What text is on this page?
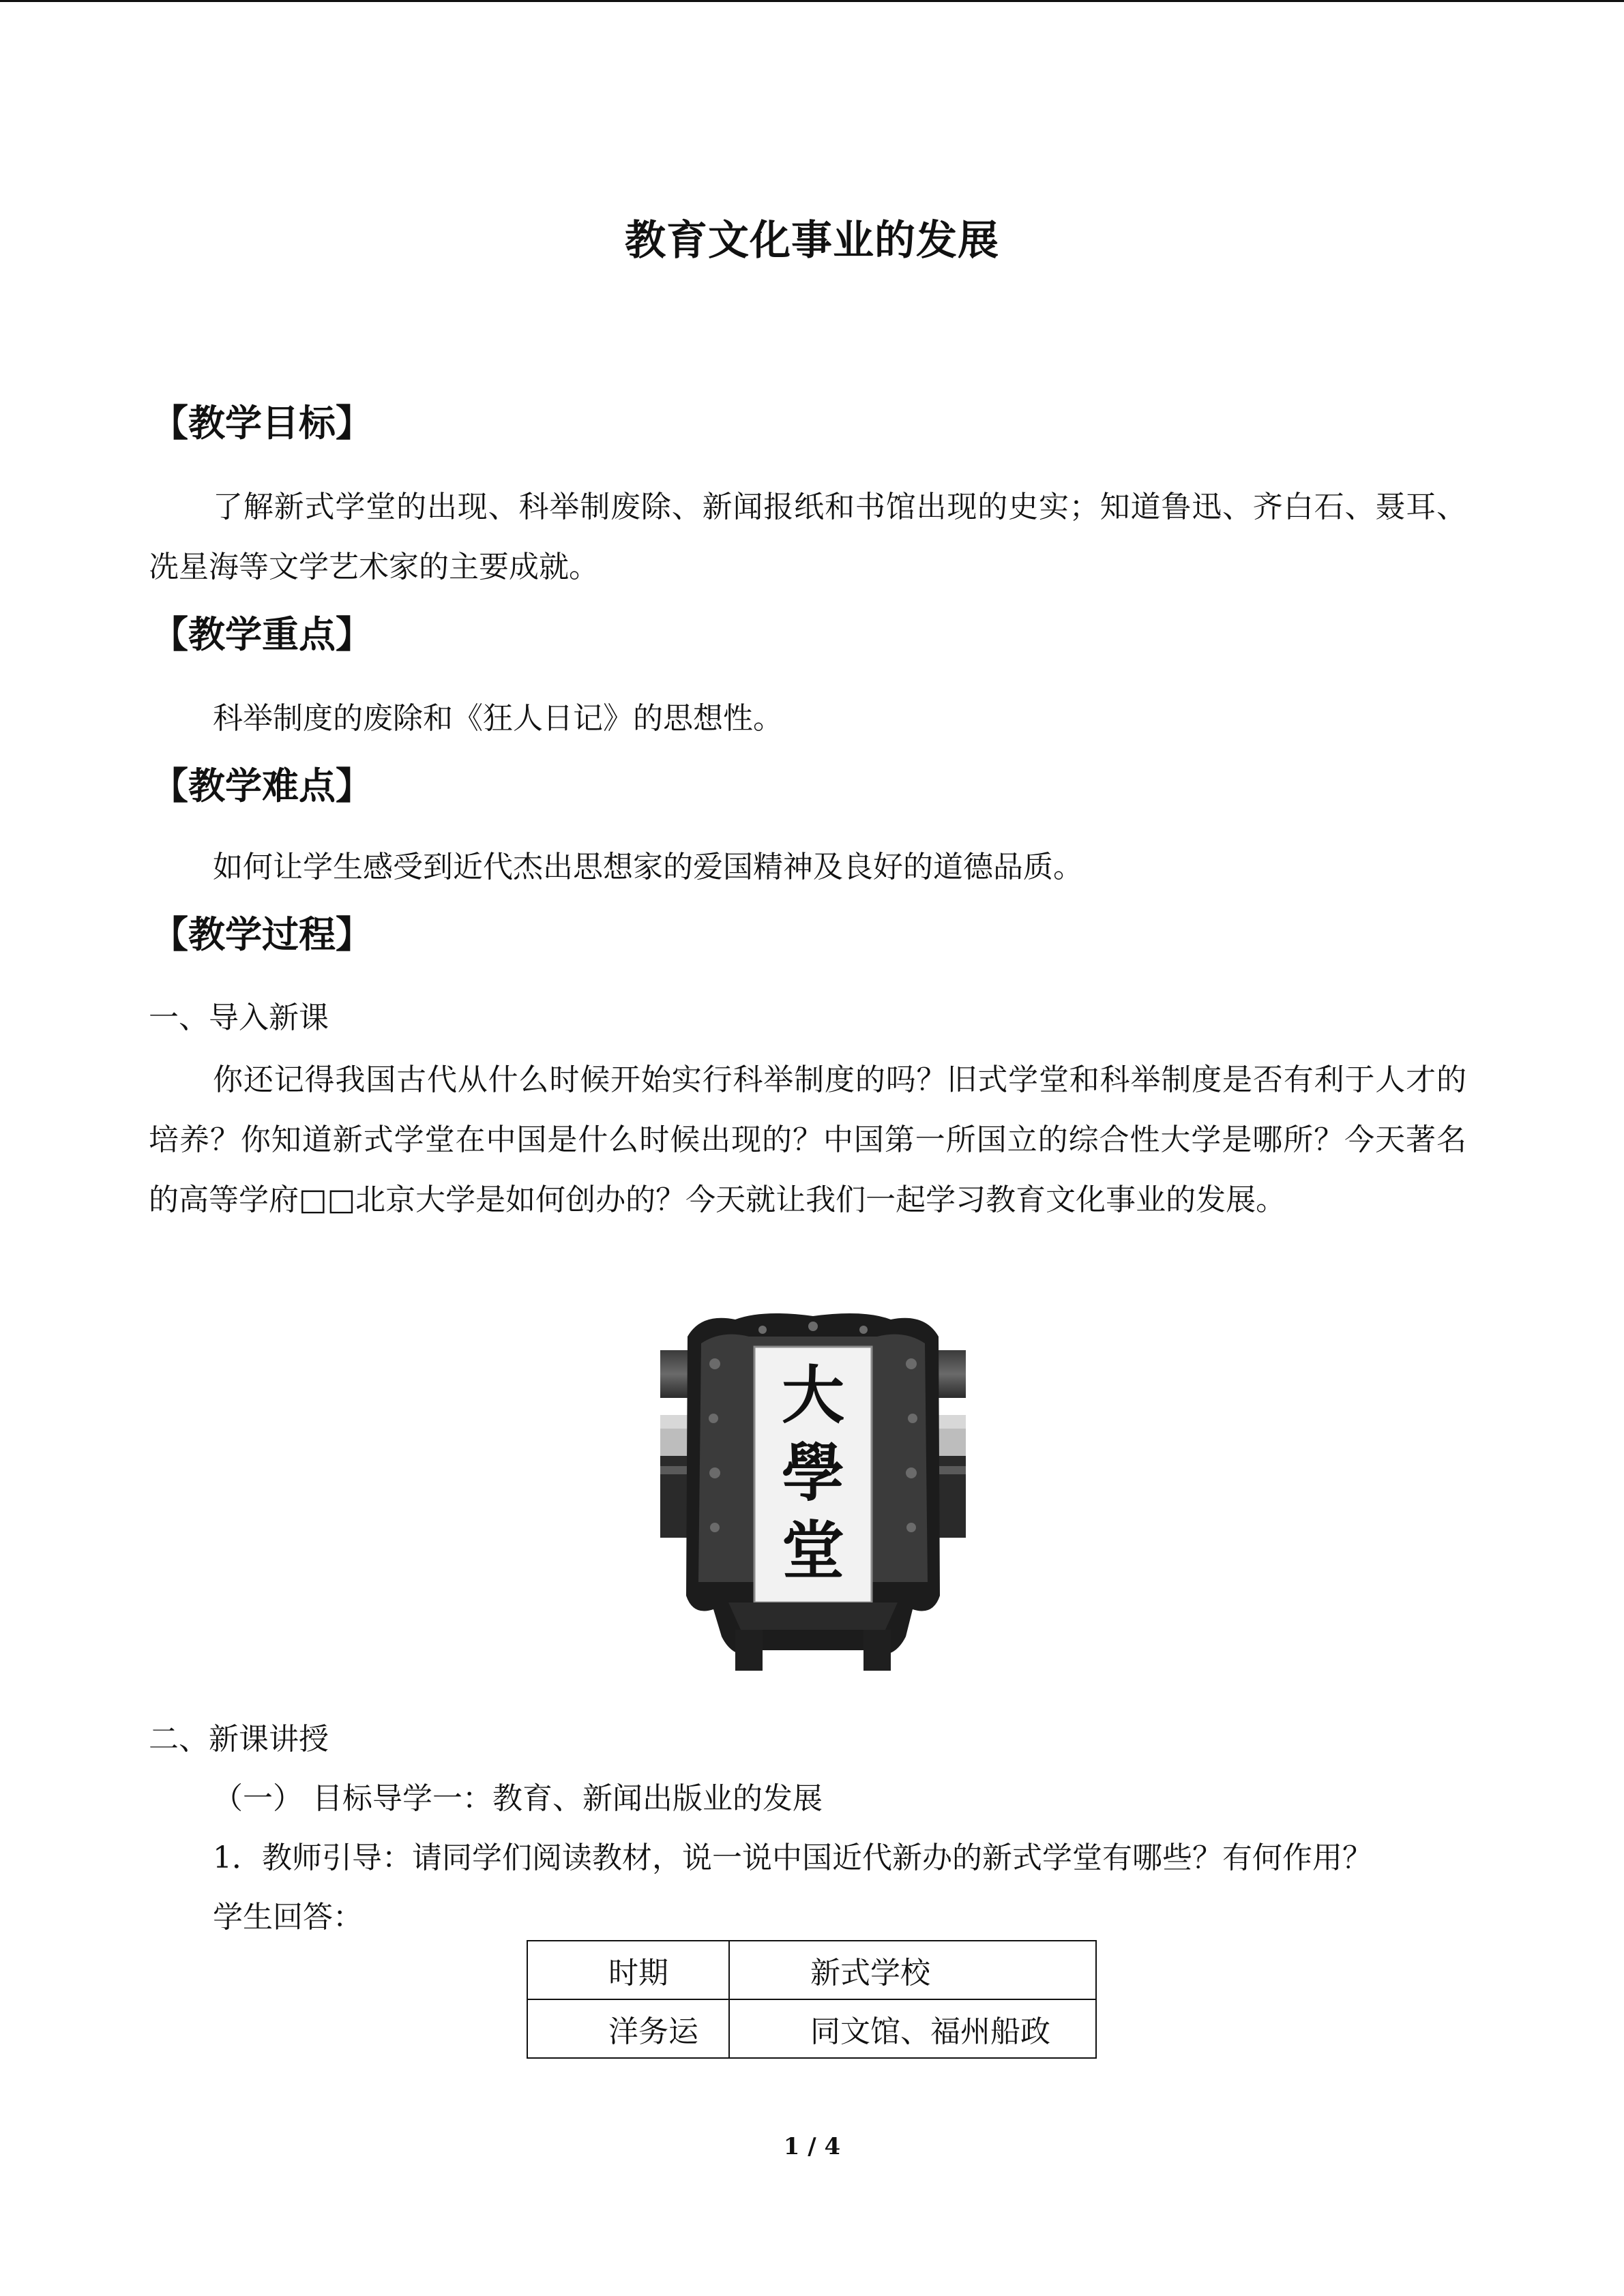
教育文化事业的发展
【教学目标】
了解新式学堂的出现、科举制废除、新闻报纸和书馆出现的史实；知道鲁迅、齐白石、聂耳、冼星海等文学艺术家的主要成就。
【教学重点】
科举制度的废除和《狂人日记》的思想性。
【教学难点】
如何让学生感受到近代杰出思想家的爱国精神及良好的道德品质。
【教学过程】
一、导入新课
你还记得我国古代从什么时候开始实行科举制度的吗？旧式学堂和科举制度是否有利于人才的培养？你知道新式学堂在中国是什么时候出现的？中国第一所国立的综合性大学是哪所？今天著名的高等学府□□北京大学是如何创办的？今天就让我们一起学习教育文化事业的发展。
大
學
堂
二、新课讲授
（一） 目标导学一：教育、新闻出版业的发展
1．教师引导：请同学们阅读教材，说一说中国近代新办的新式学堂有哪些？有何作用？
学生回答：
时期	新式学校
洋务运	同文馆、福州船政
1 / 4
